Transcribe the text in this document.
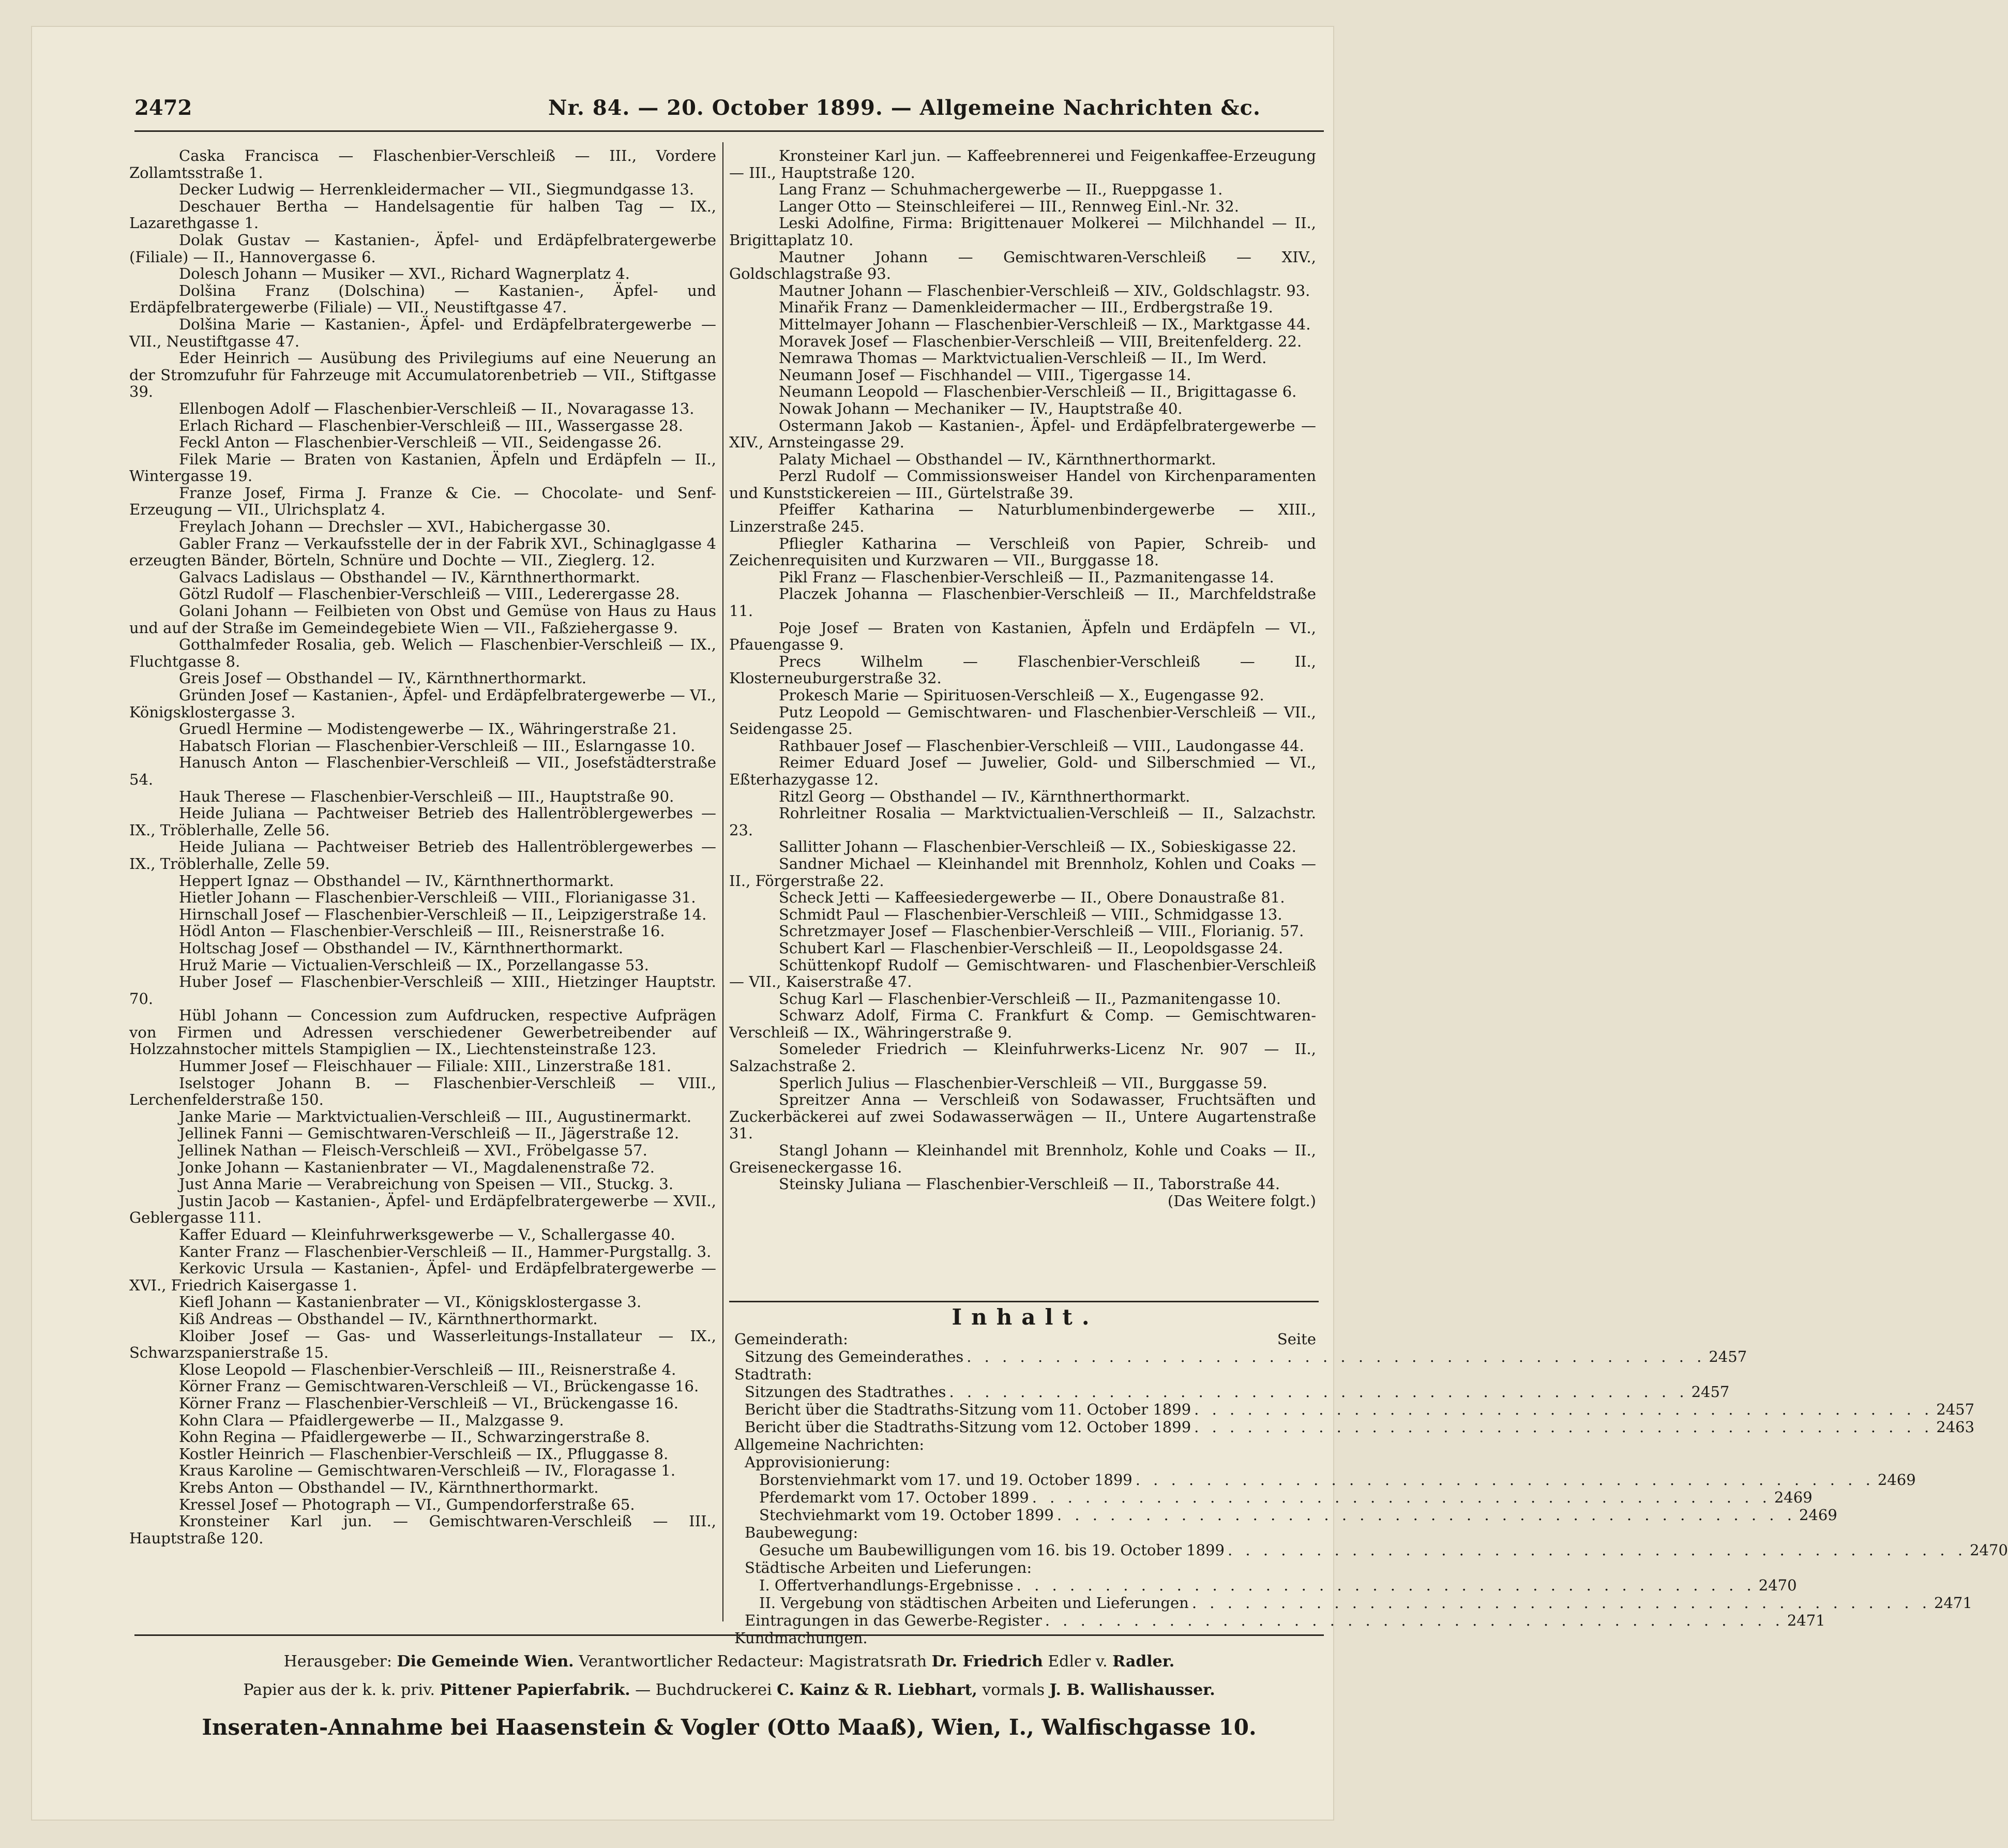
2472	Nr. 84. — 20. October 1899. — Allgemeine Nachrichten &c.
Caska Francisca — Flaschenbier-Verschleiß — III., Vordere Zollamtsstraße 1.
Decker Ludwig — Herrenkleidermacher — VII., Siegmundgasse 13.
Deschauer Bertha — Handelsagentie für halben Tag — IX., Lazarethgasse 1.
Dolak Gustav — Kastanien-, Äpfel- und Erdäpfelbratergewerbe (Filiale) — II., Hannovergasse 6.
Dolesch Johann — Musiker — XVI., Richard Wagnerplatz 4.
Dolšina Franz (Dolschina) — Kastanien-, Äpfel- und Erdäpfelbratergewerbe (Filiale) — VII., Neustiftgasse 47.
Dolšina Marie — Kastanien-, Äpfel- und Erdäpfelbratergewerbe — VII., Neustiftgasse 47.
Eder Heinrich — Ausübung des Privilegiums auf eine Neuerung an der Stromzufuhr für Fahrzeuge mit Accumulatorenbetrieb — VII., Stiftgasse 39.
Ellenbogen Adolf — Flaschenbier-Verschleiß — II., Novaragasse 13.
Erlach Richard — Flaschenbier-Verschleiß — III., Wassergasse 28.
Feckl Anton — Flaschenbier-Verschleiß — VII., Seidengasse 26.
Filek Marie — Braten von Kastanien, Äpfeln und Erdäpfeln — II., Wintergasse 19.
Franze Josef, Firma J. Franze & Cie. — Chocolate- und Senf-Erzeugung — VII., Ulrichsplatz 4.
Freylach Johann — Drechsler — XVI., Habichergasse 30.
Gabler Franz — Verkaufsstelle der in der Fabrik XVI., Schinaglgasse 4 erzeugten Bänder, Börteln, Schnüre und Dochte — VII., Zieglerg. 12.
Galvacs Ladislaus — Obsthandel — IV., Kärnthnerthormarkt.
Götzl Rudolf — Flaschenbier-Verschleiß — VIII., Lederergasse 28.
Golani Johann — Feilbieten von Obst und Gemüse von Haus zu Haus und auf der Straße im Gemeindegebiete Wien — VII., Faßziehergasse 9.
Gotthalmfeder Rosalia, geb. Welich — Flaschenbier-Verschleiß — IX., Fluchtgasse 8.
Greis Josef — Obsthandel — IV., Kärnthnerthormarkt.
Gründen Josef — Kastanien-, Äpfel- und Erdäpfelbratergewerbe — VI., Königsklostergasse 3.
Gruedl Hermine — Modistengewerbe — IX., Währingerstraße 21.
Habatsch Florian — Flaschenbier-Verschleiß — III., Eslarngasse 10.
Hanusch Anton — Flaschenbier-Verschleiß — VII., Josefstädterstraße 54.
Hauk Therese — Flaschenbier-Verschleiß — III., Hauptstraße 90.
Heide Juliana — Pachtweiser Betrieb des Hallentröblergewerbes — IX., Tröblerhalle, Zelle 56.
Heide Juliana — Pachtweiser Betrieb des Hallentröblergewerbes — IX., Tröblerhalle, Zelle 59.
Heppert Ignaz — Obsthandel — IV., Kärnthnerthormarkt.
Hietler Johann — Flaschenbier-Verschleiß — VIII., Florianigasse 31.
Hirnschall Josef — Flaschenbier-Verschleiß — II., Leipzigerstraße 14.
Hödl Anton — Flaschenbier-Verschleiß — III., Reisnerstraße 16.
Holtschag Josef — Obsthandel — IV., Kärnthnerthormarkt.
Hruž Marie — Victualien-Verschleiß — IX., Porzellangasse 53.
Huber Josef — Flaschenbier-Verschleiß — XIII., Hietzinger Hauptstr. 70.
Hübl Johann — Concession zum Aufdrucken, respective Aufprägen von Firmen und Adressen verschiedener Gewerbetreibender auf Holzzahnstocher mittels Stampiglien — IX., Liechtensteinstraße 123.
Hummer Josef — Fleischhauer — Filiale: XIII., Linzerstraße 181.
Iselstoger Johann B. — Flaschenbier-Verschleiß — VIII., Lerchenfelderstraße 150.
Janke Marie — Marktvictualien-Verschleiß — III., Augustinermarkt.
Jellinek Fanni — Gemischtwaren-Verschleiß — II., Jägerstraße 12.
Jellinek Nathan — Fleisch-Verschleiß — XVI., Fröbelgasse 57.
Jonke Johann — Kastanienbrater — VI., Magdalenenstraße 72.
Just Anna Marie — Verabreichung von Speisen — VII., Stuckg. 3.
Justin Jacob — Kastanien-, Äpfel- und Erdäpfelbratergewerbe — XVII., Geblergasse 111.
Kaffer Eduard — Kleinfuhrwerksgewerbe — V., Schallergasse 40.
Kanter Franz — Flaschenbier-Verschleiß — II., Hammer-Purgstallg. 3.
Kerkovic Ursula — Kastanien-, Äpfel- und Erdäpfelbratergewerbe — XVI., Friedrich Kaisergasse 1.
Kiefl Johann — Kastanienbrater — VI., Königsklostergasse 3.
Kiß Andreas — Obsthandel — IV., Kärnthnerthormarkt.
Kloiber Josef — Gas- und Wasserleitungs-Installateur — IX., Schwarzspanierstraße 15.
Klose Leopold — Flaschenbier-Verschleiß — III., Reisnerstraße 4.
Körner Franz — Gemischtwaren-Verschleiß — VI., Brückengasse 16.
Körner Franz — Flaschenbier-Verschleiß — VI., Brückengasse 16.
Kohn Clara — Pfaidlergewerbe — II., Malzgasse 9.
Kohn Regina — Pfaidlergewerbe — II., Schwarzingerstraße 8.
Kostler Heinrich — Flaschenbier-Verschleiß — IX., Pfluggasse 8.
Kraus Karoline — Gemischtwaren-Verschleiß — IV., Floragasse 1.
Krebs Anton — Obsthandel — IV., Kärnthnerthormarkt.
Kressel Josef — Photograph — VI., Gumpendorferstraße 65.
Kronsteiner Karl jun. — Gemischtwaren-Verschleiß — III., Hauptstraße 120.
Kronsteiner Karl jun. — Kaffeebrennerei und Feigenkaffee-Erzeugung — III., Hauptstraße 120.
Lang Franz — Schuhmachergewerbe — II., Rueppgasse 1.
Langer Otto — Steinschleiferei — III., Rennweg Einl.-Nr. 32.
Leski Adolfine, Firma: Brigittenauer Molkerei — Milchhandel — II., Brigittaplatz 10.
Mautner Johann — Gemischtwaren-Verschleiß — XIV., Goldschlagstraße 93.
Mautner Johann — Flaschenbier-Verschleiß — XIV., Goldschlagstr. 93.
Minařik Franz — Damenkleidermacher — III., Erdbergstraße 19.
Mittelmayer Johann — Flaschenbier-Verschleiß — IX., Marktgasse 44.
Moravek Josef — Flaschenbier-Verschleiß — VIII, Breitenfelderg. 22.
Nemrawa Thomas — Marktvictualien-Verschleiß — II., Im Werd.
Neumann Josef — Fischhandel — VIII., Tigergasse 14.
Neumann Leopold — Flaschenbier-Verschleiß — II., Brigittagasse 6.
Nowak Johann — Mechaniker — IV., Hauptstraße 40.
Ostermann Jakob — Kastanien-, Äpfel- und Erdäpfelbratergewerbe — XIV., Arnsteingasse 29.
Palaty Michael — Obsthandel — IV., Kärnthnerthormarkt.
Perzl Rudolf — Commissionsweiser Handel von Kirchenparamenten und Kunststickereien — III., Gürtelstraße 39.
Pfeiffer Katharina — Naturblumenbindergewerbe — XIII., Linzerstraße 245.
Pfliegler Katharina — Verschleiß von Papier, Schreib- und Zeichenrequisiten und Kurzwaren — VII., Burggasse 18.
Pikl Franz — Flaschenbier-Verschleiß — II., Pazmanitengasse 14.
Placzek Johanna — Flaschenbier-Verschleiß — II., Marchfeldstraße 11.
Poje Josef — Braten von Kastanien, Äpfeln und Erdäpfeln — VI., Pfauengasse 9.
Precs Wilhelm — Flaschenbier-Verschleiß — II., Klosterneuburgerstraße 32.
Prokesch Marie — Spirituosen-Verschleiß — X., Eugengasse 92.
Putz Leopold — Gemischtwaren- und Flaschenbier-Verschleiß — VII., Seidengasse 25.
Rathbauer Josef — Flaschenbier-Verschleiß — VIII., Laudongasse 44.
Reimer Eduard Josef — Juwelier, Gold- und Silberschmied — VI., Eßterhazygasse 12.
Ritzl Georg — Obsthandel — IV., Kärnthnerthormarkt.
Rohrleitner Rosalia — Marktvictualien-Verschleiß — II., Salzachstr. 23.
Sallitter Johann — Flaschenbier-Verschleiß — IX., Sobieskigasse 22.
Sandner Michael — Kleinhandel mit Brennholz, Kohlen und Coaks — II., Förgerstraße 22.
Scheck Jetti — Kaffeesiedergewerbe — II., Obere Donaustraße 81.
Schmidt Paul — Flaschenbier-Verschleiß — VIII., Schmidgasse 13.
Schretzmayer Josef — Flaschenbier-Verschleiß — VIII., Florianig. 57.
Schubert Karl — Flaschenbier-Verschleiß — II., Leopoldsgasse 24.
Schüttenkopf Rudolf — Gemischtwaren- und Flaschenbier-Verschleiß — VII., Kaiserstraße 47.
Schug Karl — Flaschenbier-Verschleiß — II., Pazmanitengasse 10.
Schwarz Adolf, Firma C. Frankfurt & Comp. — Gemischtwaren-Verschleiß — IX., Währingerstraße 9.
Someleder Friedrich — Kleinfuhrwerks-Licenz Nr. 907 — II., Salzachstraße 2.
Sperlich Julius — Flaschenbier-Verschleiß — VII., Burggasse 59.
Spreitzer Anna — Verschleiß von Sodawasser, Fruchtsäften und Zuckerbäckerei auf zwei Sodawasserwägen — II., Untere Augartenstraße 31.
Stangl Johann — Kleinhandel mit Brennholz, Kohle und Coaks — II., Greiseneckergasse 16.
Steinsky Juliana — Flaschenbier-Verschleiß — II., Taborstraße 44.
(Das Weitere folgt.)
Inhalt.
Gemeinderath:	Seite
Sitzung des Gemeinderathes . . . . . . . . . . . . . . . . . . . . . . . . . . . . . . . . . . . . . . . . . . 2457
Stadtrath:
Sitzungen des Stadtrathes . . . . . . . . . . . . . . . . . . . . . . . . . . . . . . . . . . . . . . . . . . 2457
Bericht über die Stadtraths-Sitzung vom 11. October 1899 . . . . . . . . . . . . . . . . . . . . . . . . . . . . . . . . . . . . . . . . . . 2457
Bericht über die Stadtraths-Sitzung vom 12. October 1899 . . . . . . . . . . . . . . . . . . . . . . . . . . . . . . . . . . . . . . . . . . 2463
Allgemeine Nachrichten:
Approvisionierung:
Borstenviehmarkt vom 17. und 19. October 1899 . . . . . . . . . . . . . . . . . . . . . . . . . . . . . . . . . . . . . . . . . . 2469
Pferdemarkt vom 17. October 1899 . . . . . . . . . . . . . . . . . . . . . . . . . . . . . . . . . . . . . . . . . . 2469
Stechviehmarkt vom 19. October 1899 . . . . . . . . . . . . . . . . . . . . . . . . . . . . . . . . . . . . . . . . . . 2469
Baubewegung:
Gesuche um Baubewilligungen vom 16. bis 19. October 1899 . . . . . . . . . . . . . . . . . . . . . . . . . . . . . . . . . . . . . . . . . . 2470
Städtische Arbeiten und Lieferungen:
I. Offertverhandlungs-Ergebnisse . . . . . . . . . . . . . . . . . . . . . . . . . . . . . . . . . . . . . . . . . . 2470
II. Vergebung von städtischen Arbeiten und Lieferungen . . . . . . . . . . . . . . . . . . . . . . . . . . . . . . . . . . . . . . . . . . 2471
Eintragungen in das Gewerbe-Register . . . . . . . . . . . . . . . . . . . . . . . . . . . . . . . . . . . . . . . . . . 2471
Kundmachungen.
Herausgeber: Die Gemeinde Wien. Verantwortlicher Redacteur: Magistratsrath Dr. Friedrich Edler v. Radler.
Papier aus der k. k. priv. Pittener Papierfabrik. — Buchdruckerei C. Kainz & R. Liebhart, vormals J. B. Wallishausser.
Inseraten-Annahme bei Haasenstein & Vogler (Otto Maaß), Wien, I., Walfischgasse 10.
